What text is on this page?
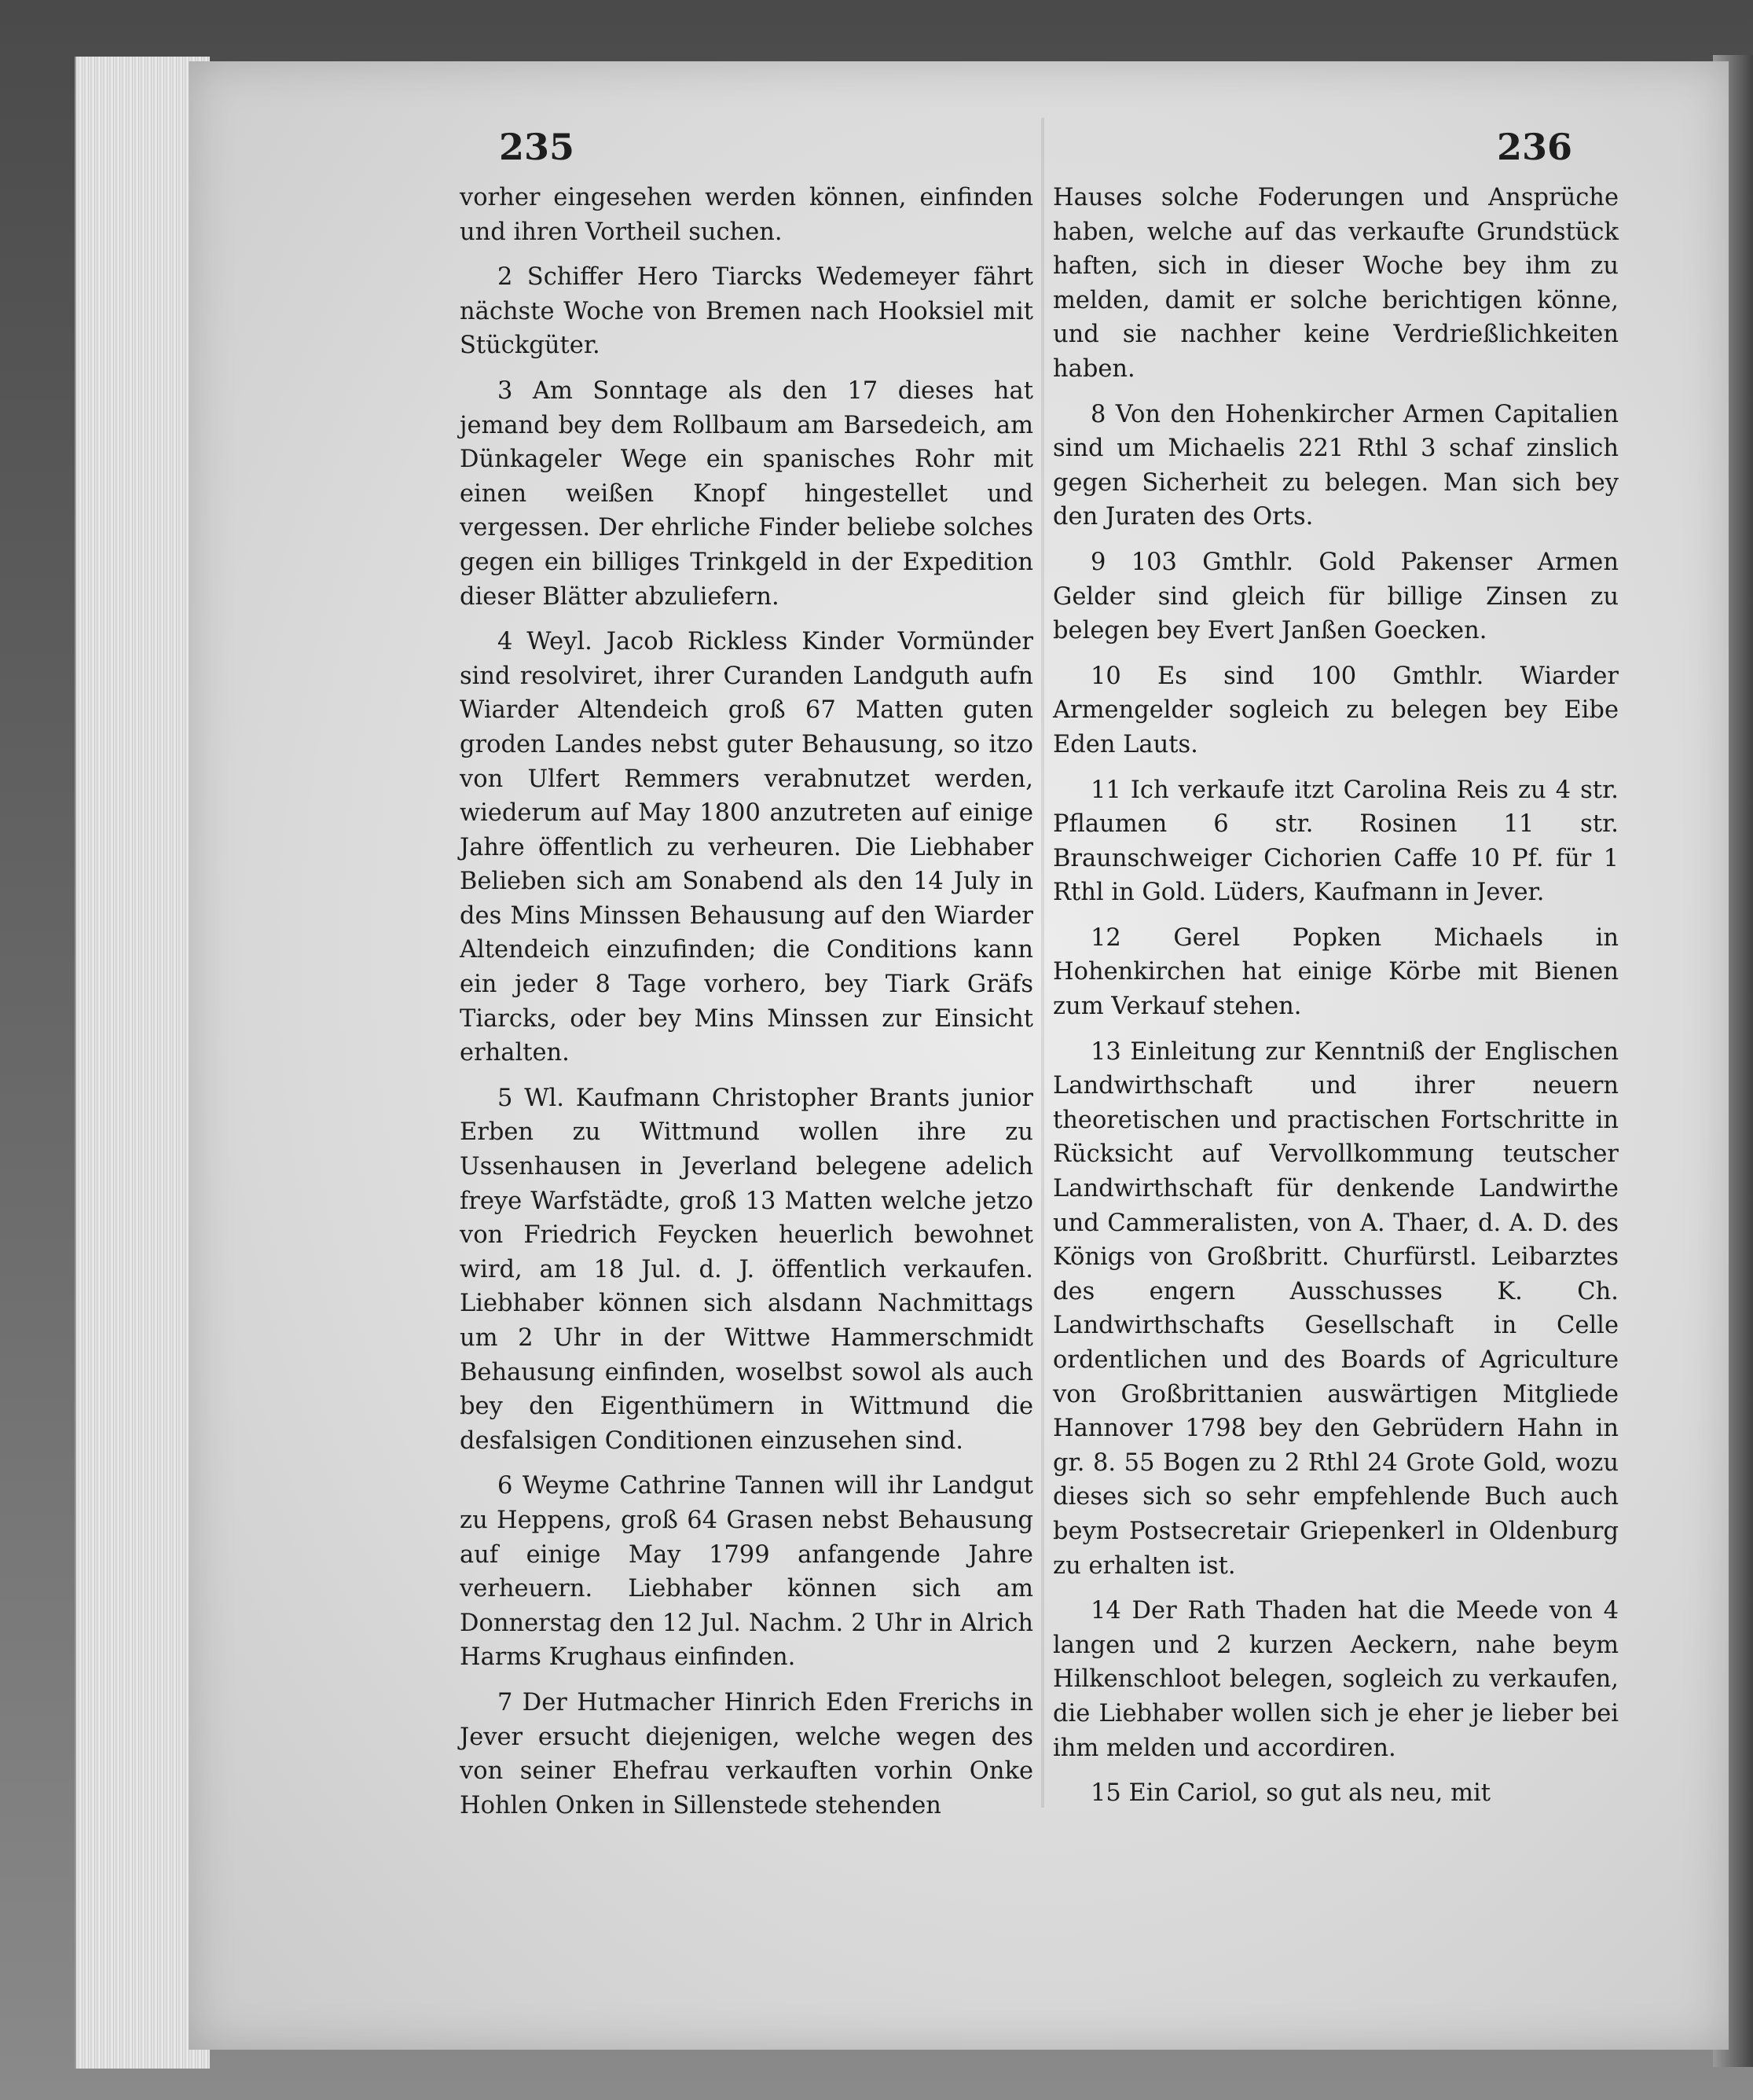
235	236

vorher eingesehen werden können, einfinden und ihren Vortheil suchen.

2 Schiffer Hero Tiarcks Wedemeyer fährt nächste Woche von Bremen nach Hooksiel mit Stückgüter.

3 Am Sonntage als den 17 dieses hat jemand bey dem Rollbaum am Barsedeich, am Dünkageler Wege ein spanisches Rohr mit einen weißen Knopf hingestellet und vergessen. Der ehrliche Finder beliebe solches gegen ein billiges Trinkgeld in der Expedition dieser Blätter abzuliefern.

4 Weyl. Jacob Rickless Kinder Vormünder sind resolviret, ihrer Curanden Landguth aufn Wiarder Altendeich groß 67 Matten guten groden Landes nebst guter Behausung, so itzo von Ulfert Remmers verabnutzet werden, wiederum auf May 1800 anzutreten auf einige Jahre öffentlich zu verheuren. Die Liebhaber Belieben sich am Sonabend als den 14 July in des Mins Minssen Behausung auf den Wiarder Altendeich einzufinden; die Conditions kann ein jeder 8 Tage vorhero, bey Tiark Gräfs Tiarcks, oder bey Mins Minssen zur Einsicht erhalten.

5 Wl. Kaufmann Christopher Brants junior Erben zu Wittmund wollen ihre zu Ussenhausen in Jeverland belegene adelich freye Warfstädte, groß 13 Matten welche jetzo von Friedrich Feycken heuerlich bewohnet wird, am 18 Jul. d. J. öffentlich verkaufen. Liebhaber können sich alsdann Nachmittags um 2 Uhr in der Wittwe Hammerschmidt Behausung einfinden, woselbst sowol als auch bey den Eigenthümern in Wittmund die desfalsigen Conditionen einzusehen sind.

6 Weyme Cathrine Tannen will ihr Landgut zu Heppens, groß 64 Grasen nebst Behausung auf einige May 1799 anfangende Jahre verheuern. Liebhaber können sich am Donnerstag den 12 Jul. Nachm. 2 Uhr in Alrich Harms Krughaus einfinden.

7 Der Hutmacher Hinrich Eden Frerichs in Jever ersucht diejenigen, welche wegen des von seiner Ehefrau verkauften vorhin Onke Hohlen Onken in Sillenstede stehenden

Hauses solche Foderungen und Ansprüche haben, welche auf das verkaufte Grundstück haften, sich in dieser Woche bey ihm zu melden, damit er solche berichtigen könne, und sie nachher keine Verdrießlichkeiten haben.

8 Von den Hohenkircher Armen Capitalien sind um Michaelis 221 Rthl 3 schaf zinslich gegen Sicherheit zu belegen. Man sich bey den Juraten des Orts.

9 103 Gmthlr. Gold Pakenser Armen Gelder sind gleich für billige Zinsen zu belegen bey Evert Janßen Goecken.

10 Es sind 100 Gmthlr. Wiarder Armengelder sogleich zu belegen bey Eibe Eden Lauts.

11 Ich verkaufe itzt Carolina Reis zu 4 str. Pflaumen 6 str. Rosinen 11 str. Braunschweiger Cichorien Caffe 10 Pf. für 1 Rthl in Gold. Lüders, Kaufmann in Jever.

12 Gerel Popken Michaels in Hohenkirchen hat einige Körbe mit Bienen zum Verkauf stehen.

13 Einleitung zur Kenntniß der Englischen Landwirthschaft und ihrer neuern theoretischen und practischen Fortschritte in Rücksicht auf Vervollkommung teutscher Landwirthschaft für denkende Landwirthe und Cammeralisten, von A. Thaer, d. A. D. des Königs von Großbritt. Churfürstl. Leibarztes des engern Ausschusses K. Ch. Landwirthschafts Gesellschaft in Celle ordentlichen und des Boards of Agriculture von Großbrittanien auswärtigen Mitgliede Hannover 1798 bey den Gebrüdern Hahn in gr. 8. 55 Bogen zu 2 Rthl 24 Grote Gold, wozu dieses sich so sehr empfehlende Buch auch beym Postsecretair Griepenkerl in Oldenburg zu erhalten ist.

14 Der Rath Thaden hat die Meede von 4 langen und 2 kurzen Aeckern, nahe beym Hilkenschloot belegen, sogleich zu verkaufen, die Liebhaber wollen sich je eher je lieber bei ihm melden und accordiren.

15 Ein Cariol, so gut als neu, mit
